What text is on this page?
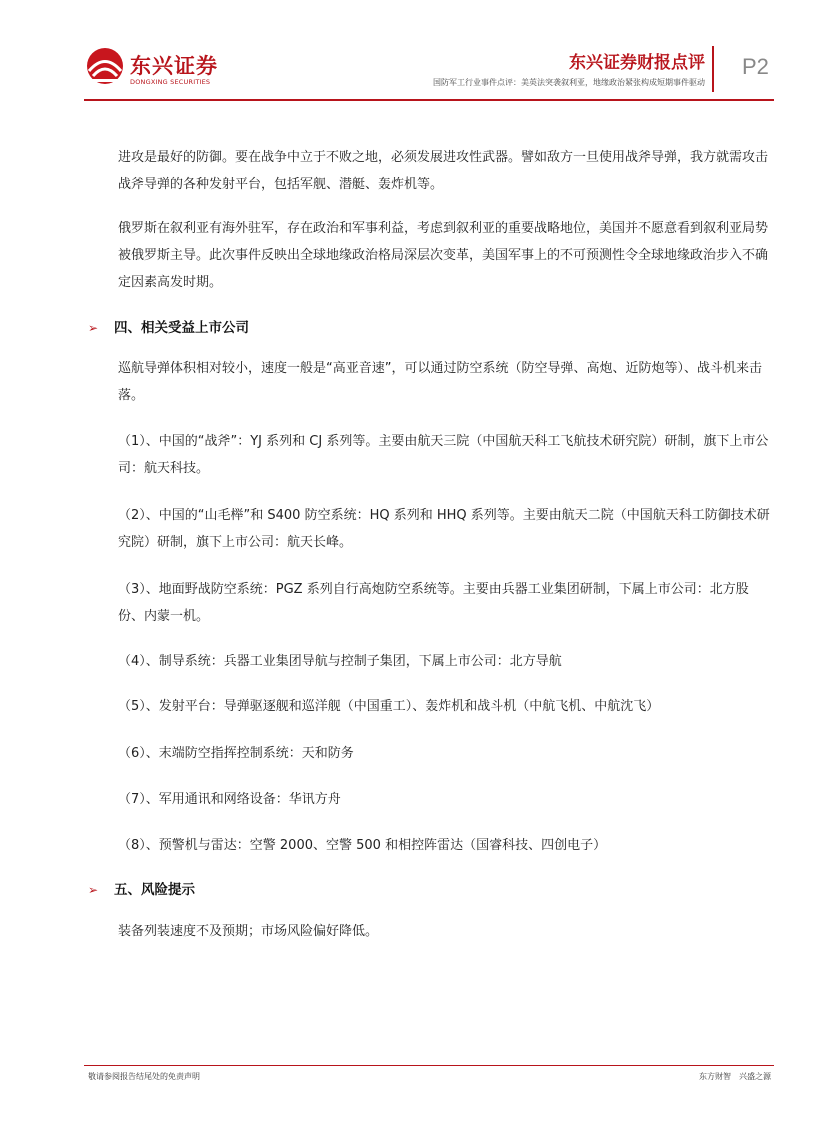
东兴证券
DONGXING SECURITIES
东兴证券财报点评
国防军工行业事件点评：美英法突袭叙利亚，地缘政治紧张构成短期事件驱动
P2

进攻是最好的防御。要在战争中立于不败之地，必须发展进攻性武器。譬如敌方一旦使用战斧导弹，我方就需攻击战斧导弹的各种发射平台，包括军舰、潜艇、轰炸机等。

俄罗斯在叙利亚有海外驻军，存在政治和军事利益，考虑到叙利亚的重要战略地位，美国并不愿意看到叙利亚局势被俄罗斯主导。此次事件反映出全球地缘政治格局深层次变革，美国军事上的不可预测性令全球地缘政治步入不确定因素高发时期。

➢ 四、相关受益上市公司

巡航导弹体积相对较小，速度一般是“高亚音速”，可以通过防空系统（防空导弹、高炮、近防炮等）、战斗机来击落。

（1）、中国的“战斧”：YJ 系列和 CJ 系列等。主要由航天三院（中国航天科工飞航技术研究院）研制，旗下上市公司：航天科技。

（2）、中国的“山毛榉”和 S400 防空系统：HQ 系列和 HHQ 系列等。主要由航天二院（中国航天科工防御技术研究院）研制，旗下上市公司：航天长峰。

（3）、地面野战防空系统：PGZ 系列自行高炮防空系统等。主要由兵器工业集团研制，下属上市公司：北方股份、内蒙一机。

（4）、制导系统：兵器工业集团导航与控制子集团，下属上市公司：北方导航

（5）、发射平台：导弹驱逐舰和巡洋舰（中国重工）、轰炸机和战斗机（中航飞机、中航沈飞）

（6）、末端防空指挥控制系统：天和防务

（7）、军用通讯和网络设备：华讯方舟

（8）、预警机与雷达：空警 2000、空警 500 和相控阵雷达（国睿科技、四创电子）

➢ 五、风险提示

装备列装速度不及预期；市场风险偏好降低。

敬请参阅报告结尾处的免责声明	东方财智　兴盛之源
